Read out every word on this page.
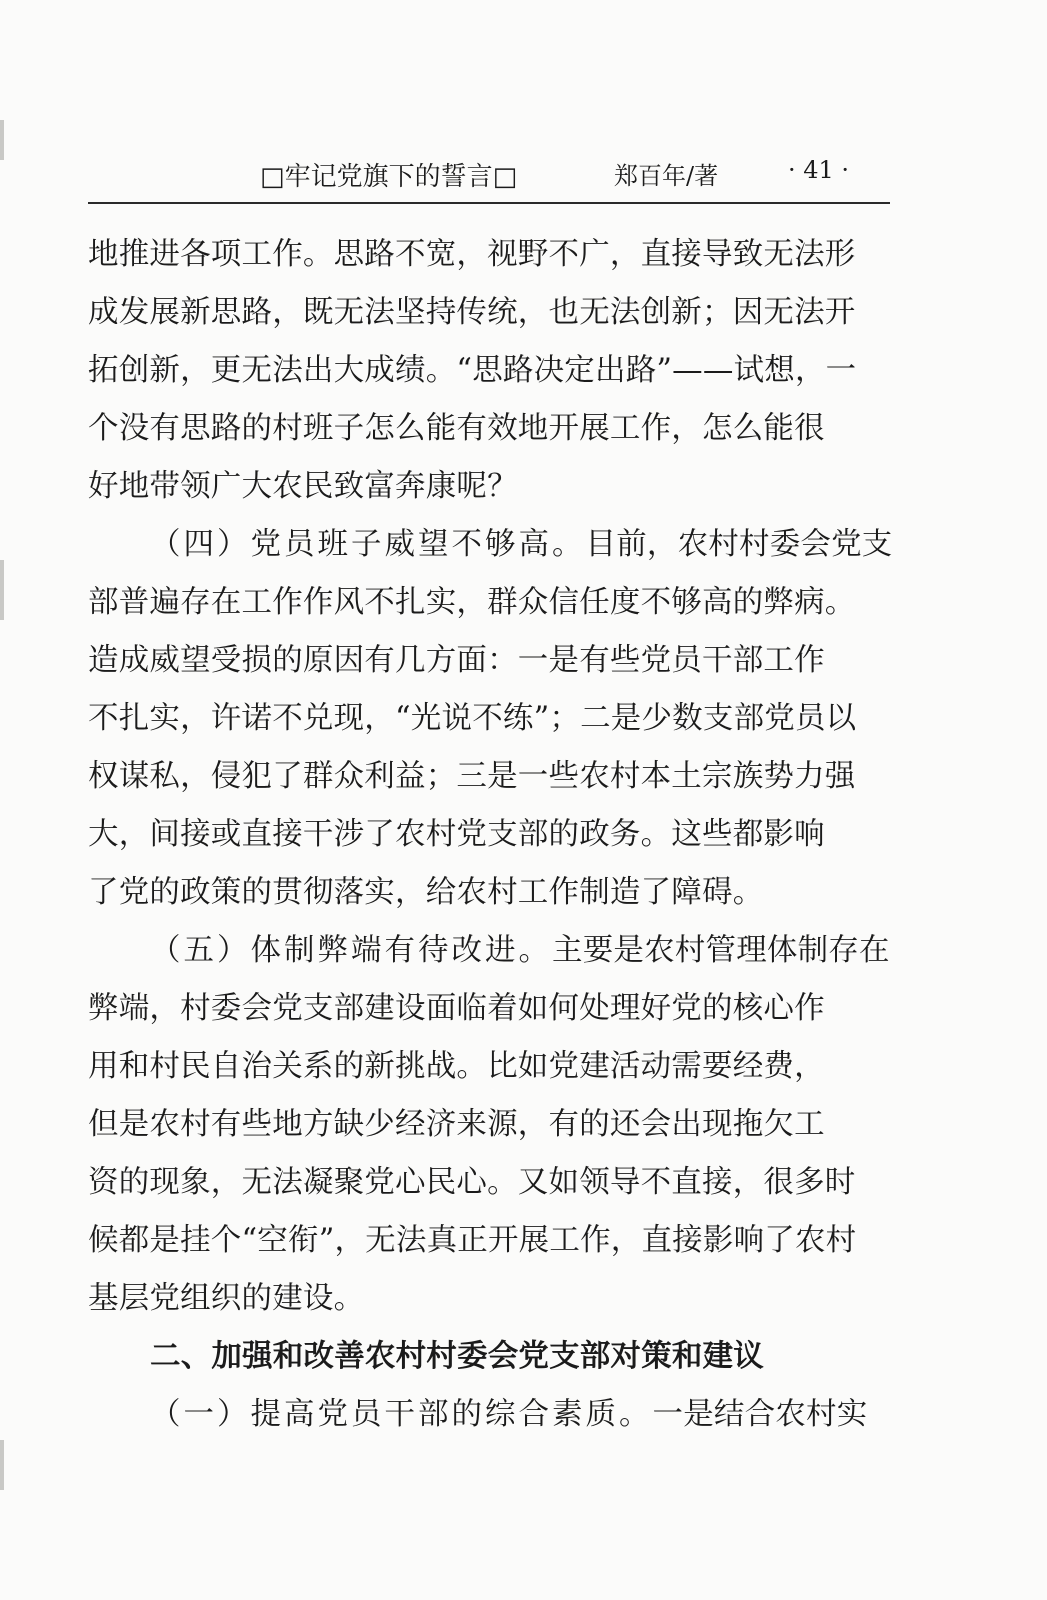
□牢记党旗下的誓言□	郑百年/著	· 41 ·
地推进各项工作。思路不宽，视野不广，直接导致无法形
成发展新思路，既无法坚持传统，也无法创新；因无法开
拓创新，更无法出大成绩。“思路决定出路”——试想，一
个没有思路的村班子怎么能有效地开展工作，怎么能很
好地带领广大农民致富奔康呢？
（四）党员班子威望不够高。目前，农村村委会党支
部普遍存在工作作风不扎实，群众信任度不够高的弊病。
造成威望受损的原因有几方面：一是有些党员干部工作
不扎实，许诺不兑现，“光说不练”；二是少数支部党员以
权谋私，侵犯了群众利益；三是一些农村本土宗族势力强
大，间接或直接干涉了农村党支部的政务。这些都影响
了党的政策的贯彻落实，给农村工作制造了障碍。
（五）体制弊端有待改进。主要是农村管理体制存在
弊端，村委会党支部建设面临着如何处理好党的核心作
用和村民自治关系的新挑战。比如党建活动需要经费，
但是农村有些地方缺少经济来源，有的还会出现拖欠工
资的现象，无法凝聚党心民心。又如领导不直接，很多时
候都是挂个“空衔”，无法真正开展工作，直接影响了农村
基层党组织的建设。
二、加强和改善农村村委会党支部对策和建议
（一）提高党员干部的综合素质。一是结合农村实
